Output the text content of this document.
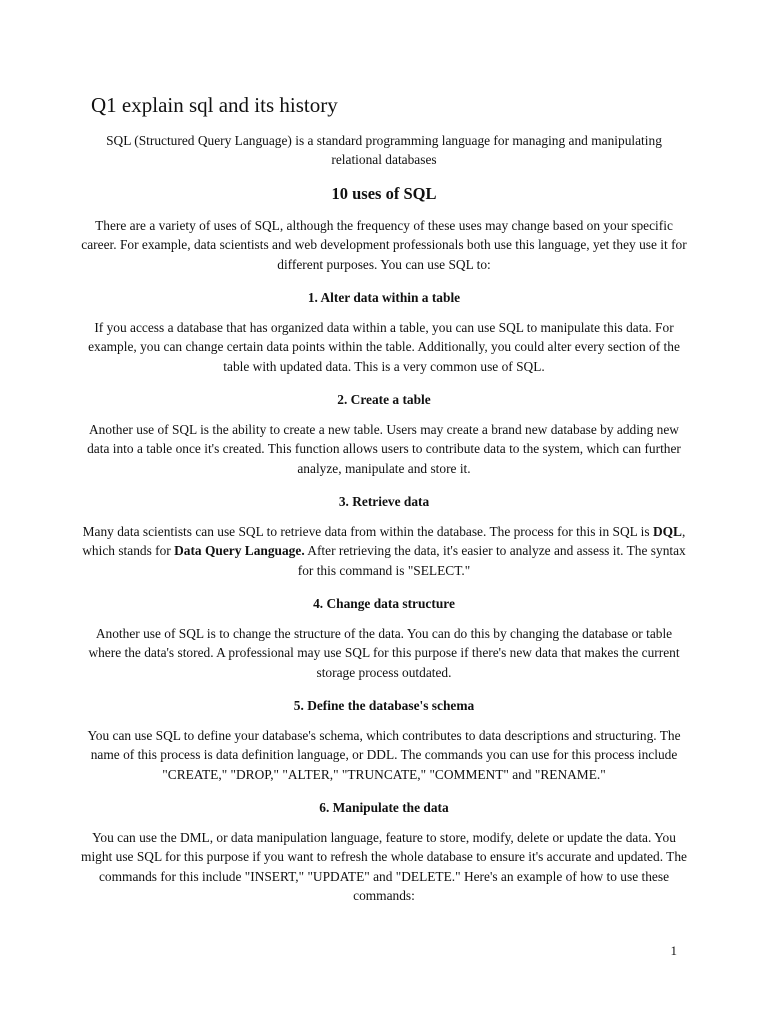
Q1 explain sql and its history

SQL (Structured Query Language) is a standard programming language for managing and manipulating relational databases

10 uses of SQL

There are a variety of uses of SQL, although the frequency of these uses may change based on your specific career. For example, data scientists and web development professionals both use this language, yet they use it for different purposes. You can use SQL to:

1. Alter data within a table

If you access a database that has organized data within a table, you can use SQL to manipulate this data. For example, you can change certain data points within the table. Additionally, you could alter every section of the table with updated data. This is a very common use of SQL.

2. Create a table

Another use of SQL is the ability to create a new table. Users may create a brand new database by adding new data into a table once it's created. This function allows users to contribute data to the system, which can further analyze, manipulate and store it.

3. Retrieve data

Many data scientists can use SQL to retrieve data from within the database. The process for this in SQL is DQL, which stands for Data Query Language. After retrieving the data, it's easier to analyze and assess it. The syntax for this command is "SELECT."

4. Change data structure

Another use of SQL is to change the structure of the data. You can do this by changing the database or table where the data's stored. A professional may use SQL for this purpose if there's new data that makes the current storage process outdated.

5. Define the database's schema

You can use SQL to define your database's schema, which contributes to data descriptions and structuring. The name of this process is data definition language, or DDL. The commands you can use for this process include "CREATE," "DROP," "ALTER," "TRUNCATE," "COMMENT" and "RENAME."

6. Manipulate the data

You can use the DML, or data manipulation language, feature to store, modify, delete or update the data. You might use SQL for this purpose if you want to refresh the whole database to ensure it's accurate and updated. The commands for this include "INSERT," "UPDATE" and "DELETE." Here's an example of how to use these commands:

1
